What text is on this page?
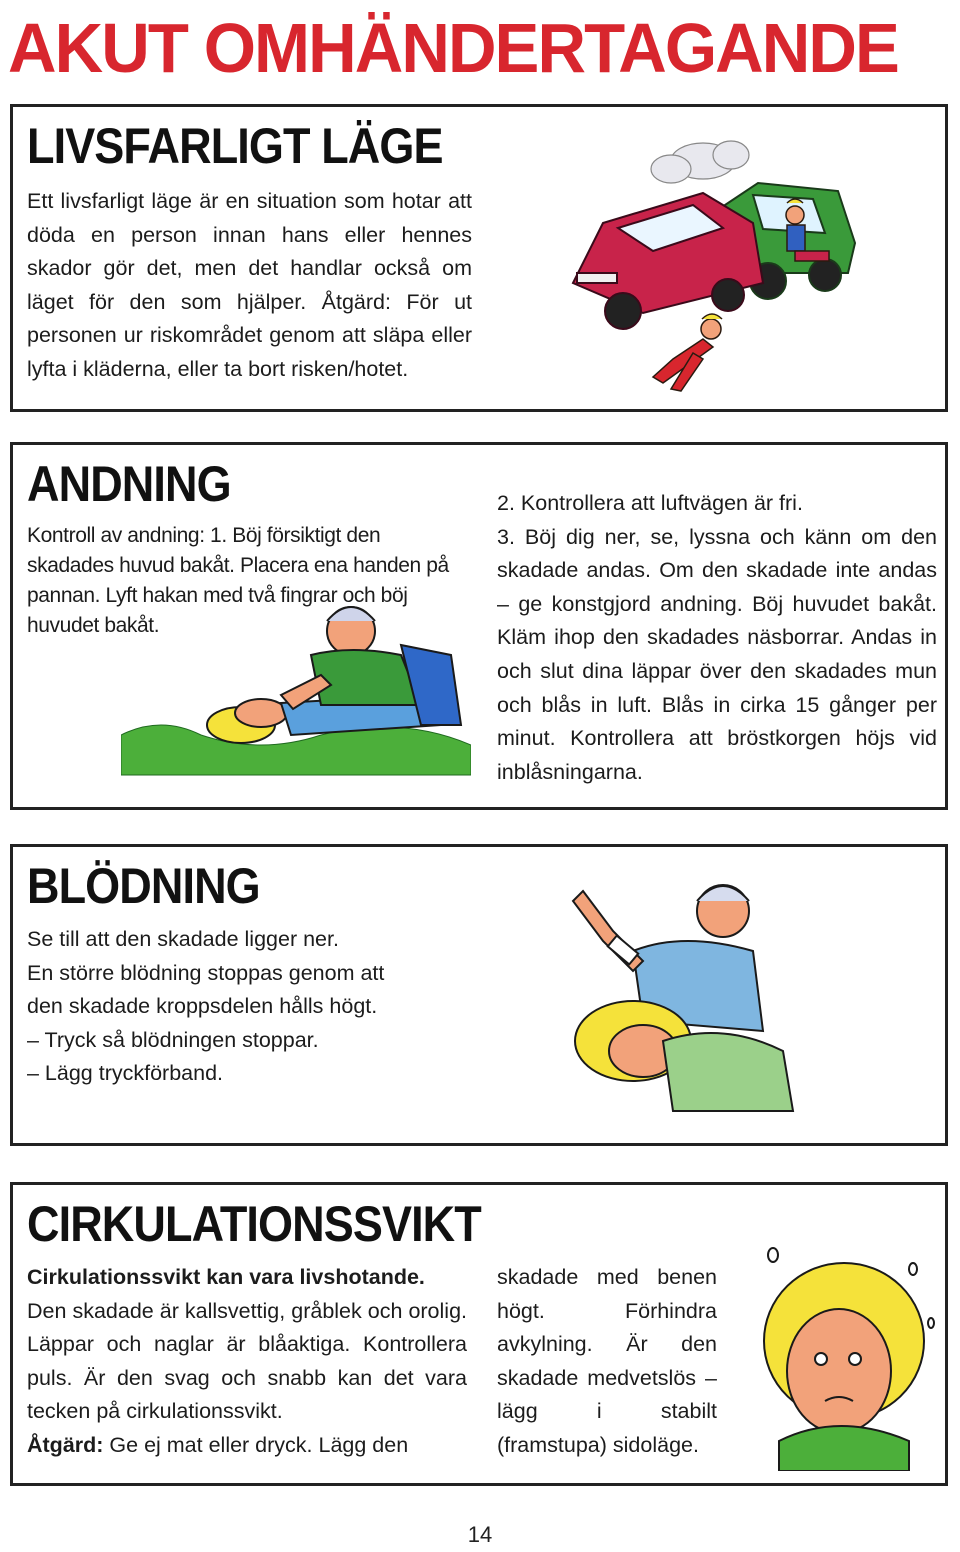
AKUT OMHÄNDERTAGANDE
LIVSFARLIGT LÄGE

Ett livsfarligt läge är en situation som hotar att döda en person innan hans eller hennes skador gör det, men det handlar också om läget för den som hjälper. Åtgärd: För ut personen ur riskområdet genom att släpa eller lyfta i kläderna, eller ta bort risken/hotet.

ANDNING

Kontroll av andning: 1. Böj försiktigt den skadades huvud bakåt. Placera ena handen på pannan. Lyft hakan med två fingrar och böj huvudet bakåt.

2. Kontrollera att luftvägen är fri.

3. Böj dig ner, se, lyssna och känn om den skadade andas. Om den skadade inte andas – ge konstgjord andning. Böj huvudet bakåt. Kläm ihop den skadades näsborrar. Andas in och slut dina läppar över den skadades mun och blås in luft. Blås in cirka 15 gånger per minut. Kontrollera att bröstkorgen höjs vid inblåsningarna.

BLÖDNING

Se till att den skadade ligger ner.

En större blödning stoppas genom att

den skadade kroppsdelen hålls högt.

– Tryck så blödningen stoppar.

– Lägg tryckförband.

CIRKULATIONSSVIKT

Cirkulationssvikt kan vara livshotande.

Den skadade är kallsvettig, gråblek och orolig. Läppar och naglar är blåaktiga. Kontrollera puls. Är den svag och snabb kan det vara tecken på cirkulationssvikt.

Åtgärd: Ge ej mat eller dryck. Lägg den

skadade med benen högt. Förhindra avkylning. Är den skadade medvetslös – lägg i stabilt (framstupa) sidoläge.

14
